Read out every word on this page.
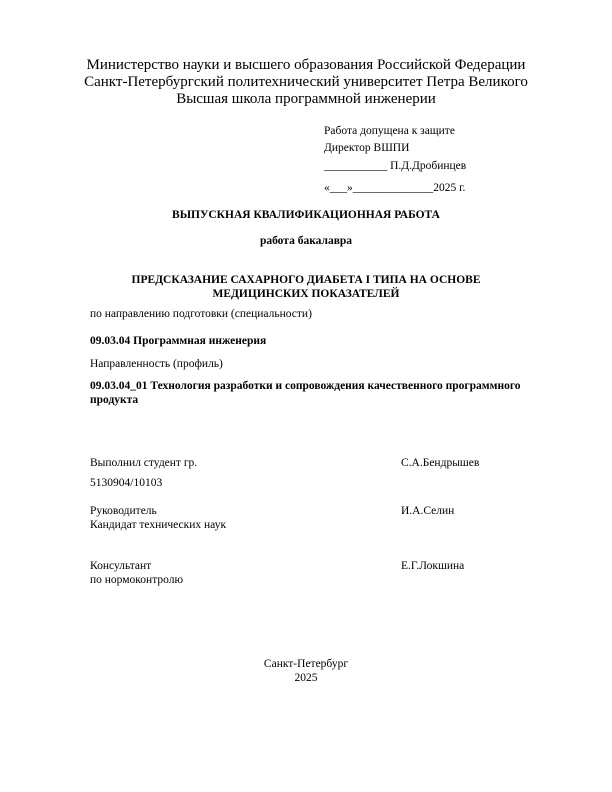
Министерство науки и высшего образования Российской Федерации
Санкт-Петербургский политехнический университет Петра Великого
Высшая школа программной инженерии
Работа допущена к защите
Директор ВШПИ
___________ П.Д.Дробинцев
«___»______________2025 г.
ВЫПУСКНАЯ КВАЛИФИКАЦИОННАЯ РАБОТА
работа бакалавра
ПРЕДСКАЗАНИЕ САХАРНОГО ДИАБЕТА I ТИПА НА ОСНОВЕ
МЕДИЦИНСКИХ ПОКАЗАТЕЛЕЙ
по направлению подготовки (специальности)
09.03.04 Программная инженерия
Направленность (профиль)
09.03.04_01 Технология разработки и сопровождения качественного программного продукта
Выполнил студент гр.	С.А.Бендрышев
5130904/10103
Руководитель	И.А.Селин
Кандидат технических наук
Консультант	Е.Г.Локшина
по нормоконтролю
Санкт-Петербург
2025
